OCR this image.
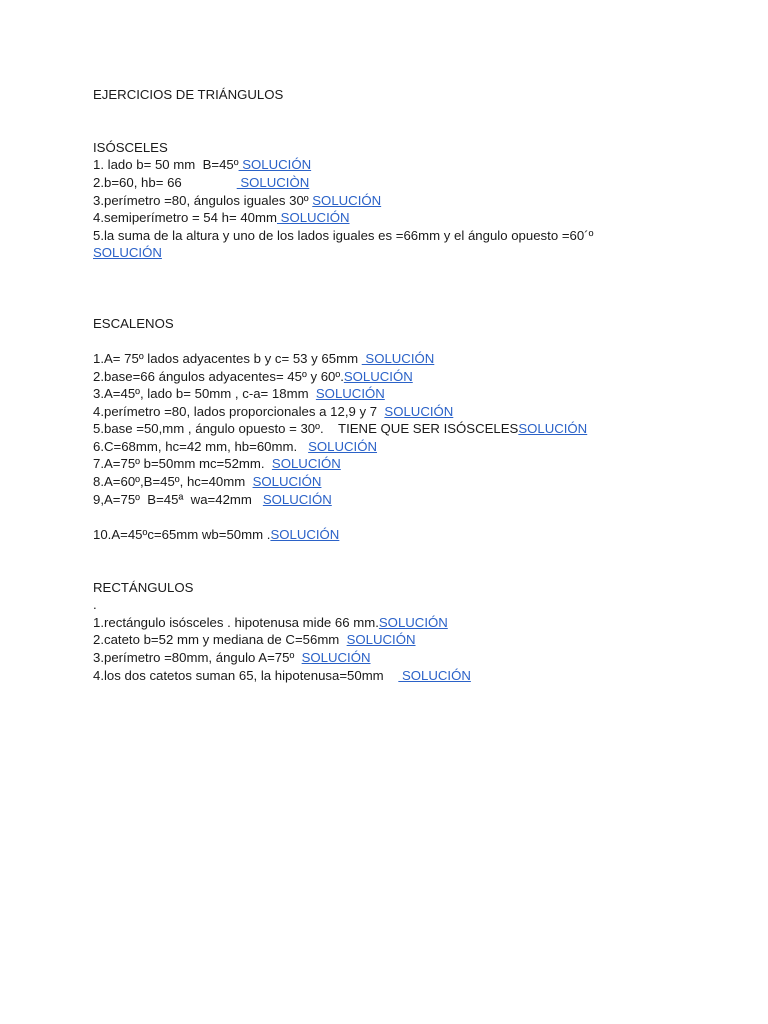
EJERCICIOS DE TRIÁNGULOS
ISÓSCELES
1. lado b= 50 mm  B=45º SOLUCIÓN
2.b=60, hb= 66                SOLUCIÒN
3.perímetro =80, ángulos iguales 30º SOLUCIÓN
4.semiperímetro = 54 h= 40mm SOLUCIÓN
5.la suma de la altura y uno de los lados iguales es =66mm y el ángulo opuesto =60´º
SOLUCIÓN
ESCALENOS
1.A= 75º lados adyacentes b y c= 53 y 65mm  SOLUCIÓN
2.base=66 ángulos adyacentes= 45º y 60º.SOLUCIÓN
3.A=45º, lado b= 50mm , c-a= 18mm  SOLUCIÓN
4.perímetro =80, lados proporcionales a 12,9 y 7  SOLUCIÓN
5.base =50,mm , ángulo opuesto = 30º.    TIENE QUE SER ISÓSCELESSOLUCIÓN
6.C=68mm, hc=42 mm, hb=60mm.   SOLUCIÓN
7.A=75º b=50mm mc=52mm.  SOLUCIÓN
8.A=60º,B=45º, hc=40mm  SOLUCIÓN
9,A=75º  B=45ª  wa=42mm   SOLUCIÓN
10.A=45ºc=65mm wb=50mm .SOLUCIÓN
RECTÁNGULOS
.
1.rectángulo isósceles . hipotenusa mide 66 mm.SOLUCIÓN
2.cateto b=52 mm y mediana de C=56mm  SOLUCIÓN
3.perímetro =80mm, ángulo A=75º  SOLUCIÓN
4.los dos catetos suman 65, la hipotenusa=50mm     SOLUCIÓN
